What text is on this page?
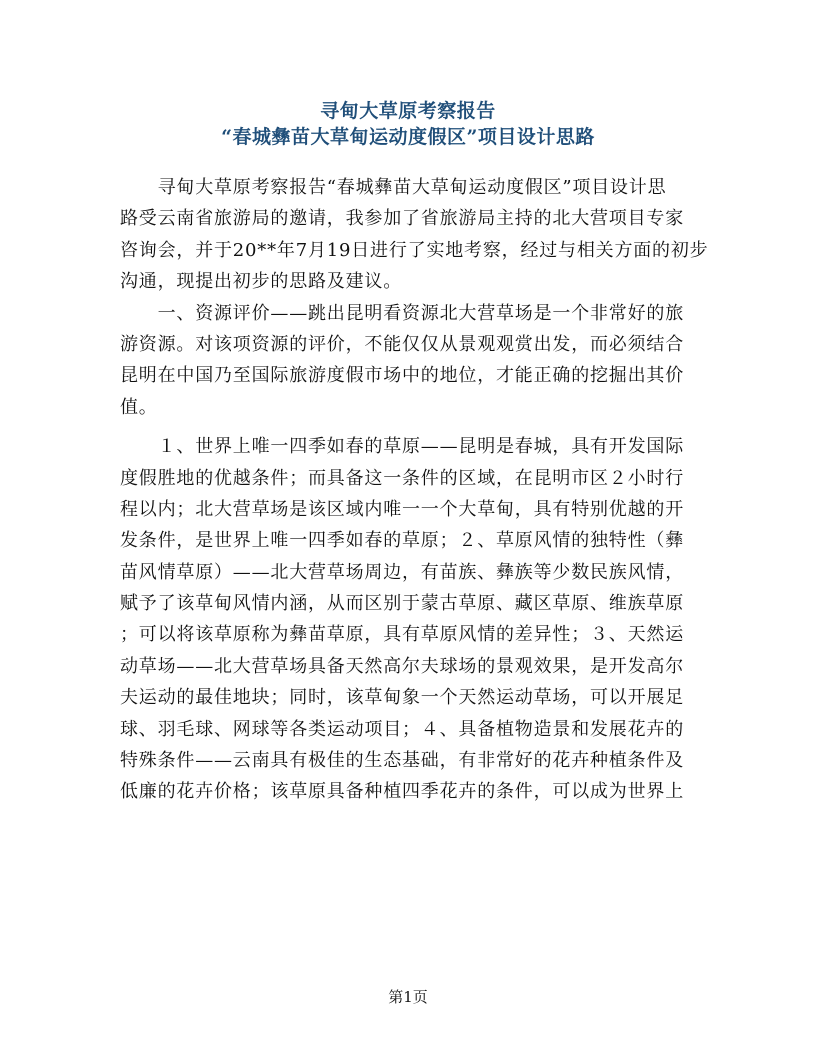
寻甸大草原考察报告
“春城彝苗大草甸运动度假区”项目设计思路
　　寻甸大草原考察报告“春城彝苗大草甸运动度假区”项目设计思
路受云南省旅游局的邀请，我参加了省旅游局主持的北大营项目专家
咨询会，并于20**年7月19日进行了实地考察，经过与相关方面的初步
沟通，现提出初步的思路及建议。
　　一、资源评价——跳出昆明看资源北大营草场是一个非常好的旅
游资源。对该项资源的评价，不能仅仅从景观观赏出发，而必须结合
昆明在中国乃至国际旅游度假市场中的地位，才能正确的挖掘出其价
值。
　　１、世界上唯一四季如春的草原——昆明是春城，具有开发国际
度假胜地的优越条件；而具备这一条件的区域，在昆明市区２小时行
程以内；北大营草场是该区域内唯一一个大草甸，具有特别优越的开
发条件，是世界上唯一四季如春的草原；２、草原风情的独特性（彝
苗风情草原）——北大营草场周边，有苗族、彝族等少数民族风情，
赋予了该草甸风情内涵，从而区别于蒙古草原、藏区草原、维族草原
；可以将该草原称为彝苗草原，具有草原风情的差异性；３、天然运
动草场——北大营草场具备天然高尔夫球场的景观效果，是开发高尔
夫运动的最佳地块；同时，该草甸象一个天然运动草场，可以开展足
球、羽毛球、网球等各类运动项目；４、具备植物造景和发展花卉的
特殊条件——云南具有极佳的生态基础，有非常好的花卉种植条件及
低廉的花卉价格；该草原具备种植四季花卉的条件，可以成为世界上
第1页
